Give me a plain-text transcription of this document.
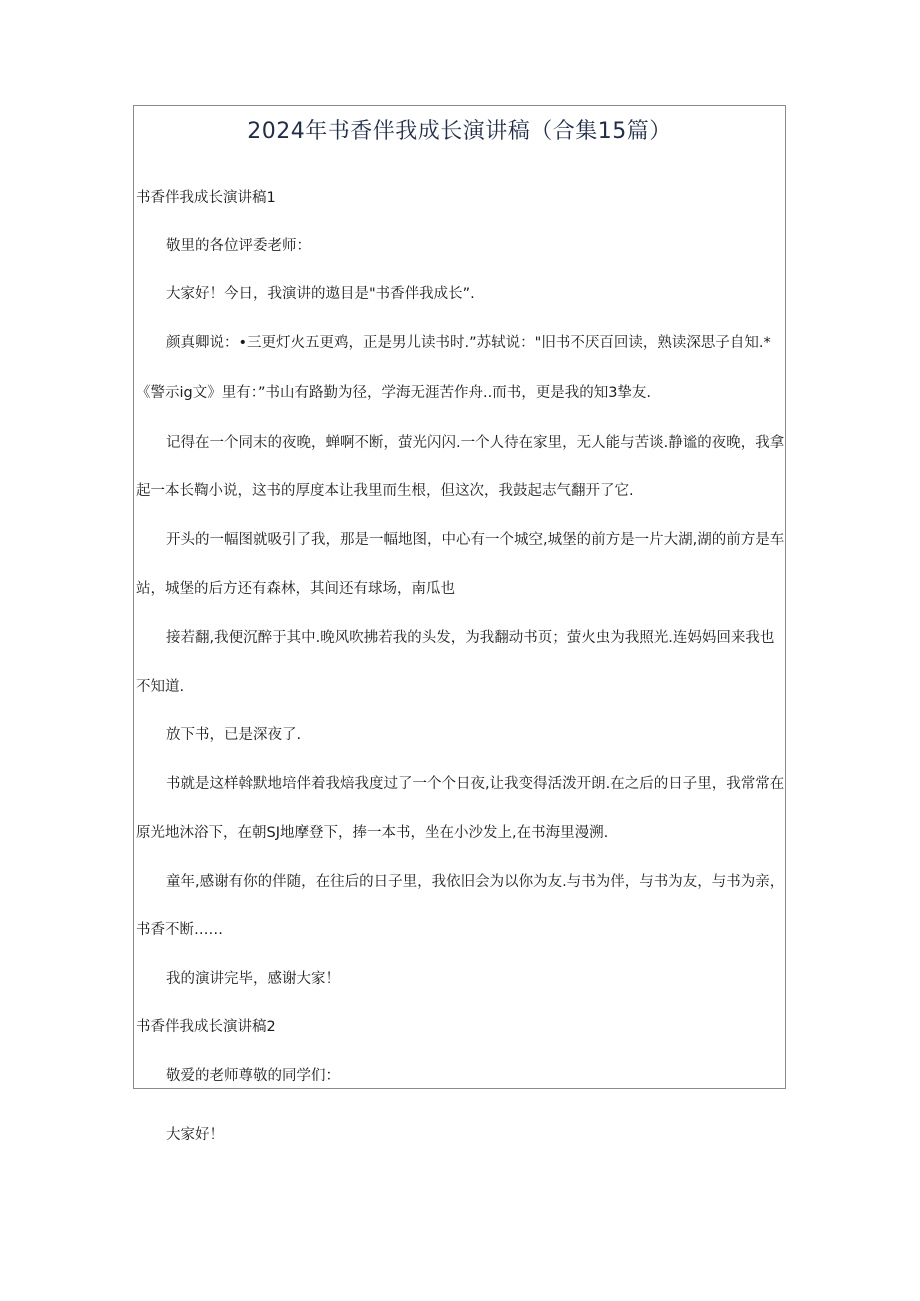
2024年书香伴我成长演讲稿（合集15篇）
书香伴我成长演讲稿1
敬里的各位评委老师：
大家好！今日，我演讲的遨目是"书香伴我成长”.
颜真卿说：•三更灯火五更鸡，正是男儿读书时.”苏轼说："旧书不厌百回读，熟读深思子自知.*
《警示ig文》里有：”书山有路勤为径，学海无涯苦作舟..而书，更是我的知3挚友.
记得在一个同末的夜晚，蝉啊不断，萤光闪闪.一个人待在家里，无人能与苦谈.静谧的夜晚，我拿
起一本长鞫小说，这书的厚度本让我里而生根，但这次，我鼓起志气翻开了它.
开头的一幅图就吸引了我，那是一幅地图，中心有一个城空,城堡的前方是一片大湖,湖的前方是车
站，城堡的后方还有森林，其间还有球场，南瓜也
接若翻,我便沉醉于其中.晚风吹拂若我的头发，为我翻动书页；萤火虫为我照光.连妈妈回来我也
不知道.
放下书，已是深夜了.
书就是这样斡默地培伴着我焙我度过了一个个日夜,让我变得活泼开朗.在之后的日子里，我常常在
原光地沐浴下，在朝SJ地摩登下，捧一本书，坐在小沙发上,在书海里漫溯.
童年,感谢有你的伴随，在往后的日子里，我依旧会为以你为友.与书为伴，与书为友，与书为亲，
书香不断……
我的演讲完毕，感谢大家！
书香伴我成长演讲稿2
敬爱的老师尊敬的同学们：
大家好！
